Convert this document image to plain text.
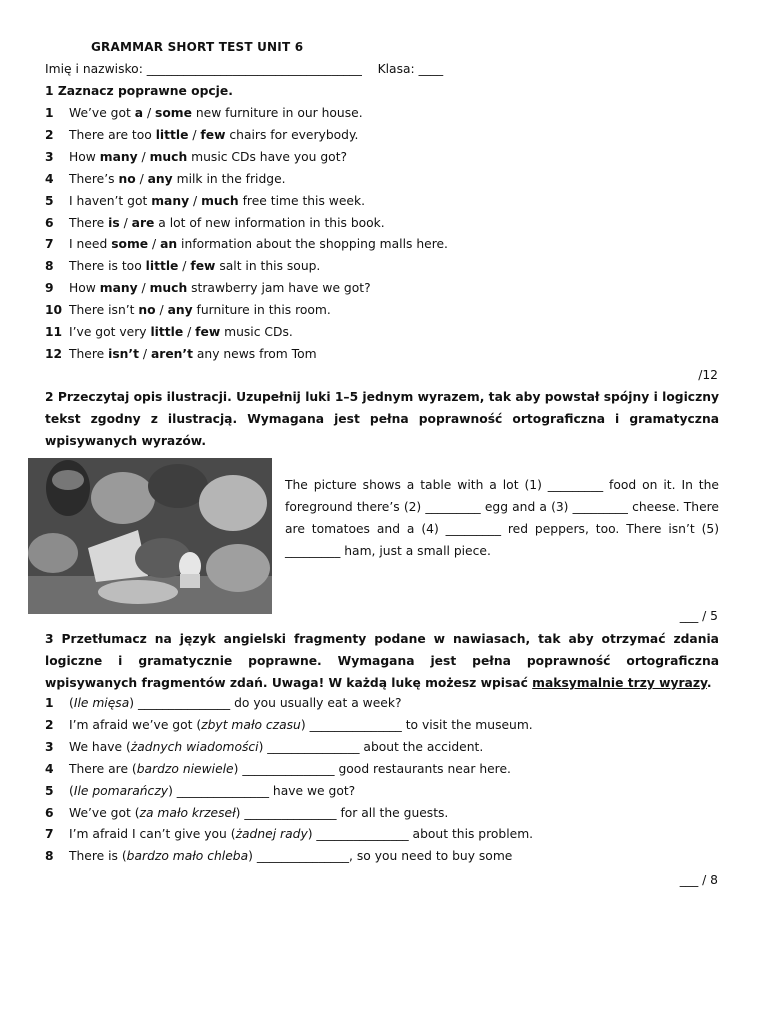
GRAMMAR SHORT TEST UNIT 6
Imię i nazwisko: ___________________________________    Klasa: ____
1 Zaznacz poprawne opcje.
1 We’ve got a / some new furniture in our house.
2 There are too little / few chairs for everybody.
3 How many / much music CDs have you got?
4 There’s no / any milk in the fridge.
5 I haven’t got many / much free time this week.
6 There is / are a lot of new information in this book.
7 I need some / an information about the shopping malls here.
8 There is too little / few salt in this soup.
9 How many / much strawberry jam have we got?
10 There isn’t no / any furniture in this room.
11 I’ve got very little / few music CDs.
12 There isn’t / aren’t any news from Tom
/12
2 Przeczytaj opis ilustracji. Uzupełnij luki 1–5 jednym wyrazem, tak aby powstał spójny i logiczny tekst zgodny z ilustracją. Wymagana jest pełna poprawność ortograficzna i gramatyczna wpisywanych wyrazów.
The picture shows a table with a lot (1) _________ food on it. In the foreground there’s (2) _________ egg and a (3) _________ cheese. There are tomatoes and a (4) _________ red peppers, too. There isn’t (5) _________ ham, just a small piece.
___ / 5
3 Przetłumacz na język angielski fragmenty podane w nawiasach, tak aby otrzymać zdania logiczne i gramatycznie poprawne. Wymagana jest pełna poprawność ortograficzna wpisywanych fragmentów zdań. Uwaga! W każdą lukę możesz wpisać maksymalnie trzy wyrazy.
1 (Ile mięsa) _______________ do you usually eat a week?
2 I’m afraid we’ve got (zbyt mało czasu) _______________ to visit the museum.
3 We have (żadnych wiadomości) _______________ about the accident.
4 There are (bardzo niewiele) _______________ good restaurants near here.
5 (Ile pomarańczy) _______________ have we got?
6 We’ve got (za mało krzeseł) _______________ for all the guests.
7 I’m afraid I can’t give you (żadnej rady) _______________ about this problem.
8 There is (bardzo mało chleba) _______________, so you need to buy some
___ / 8
